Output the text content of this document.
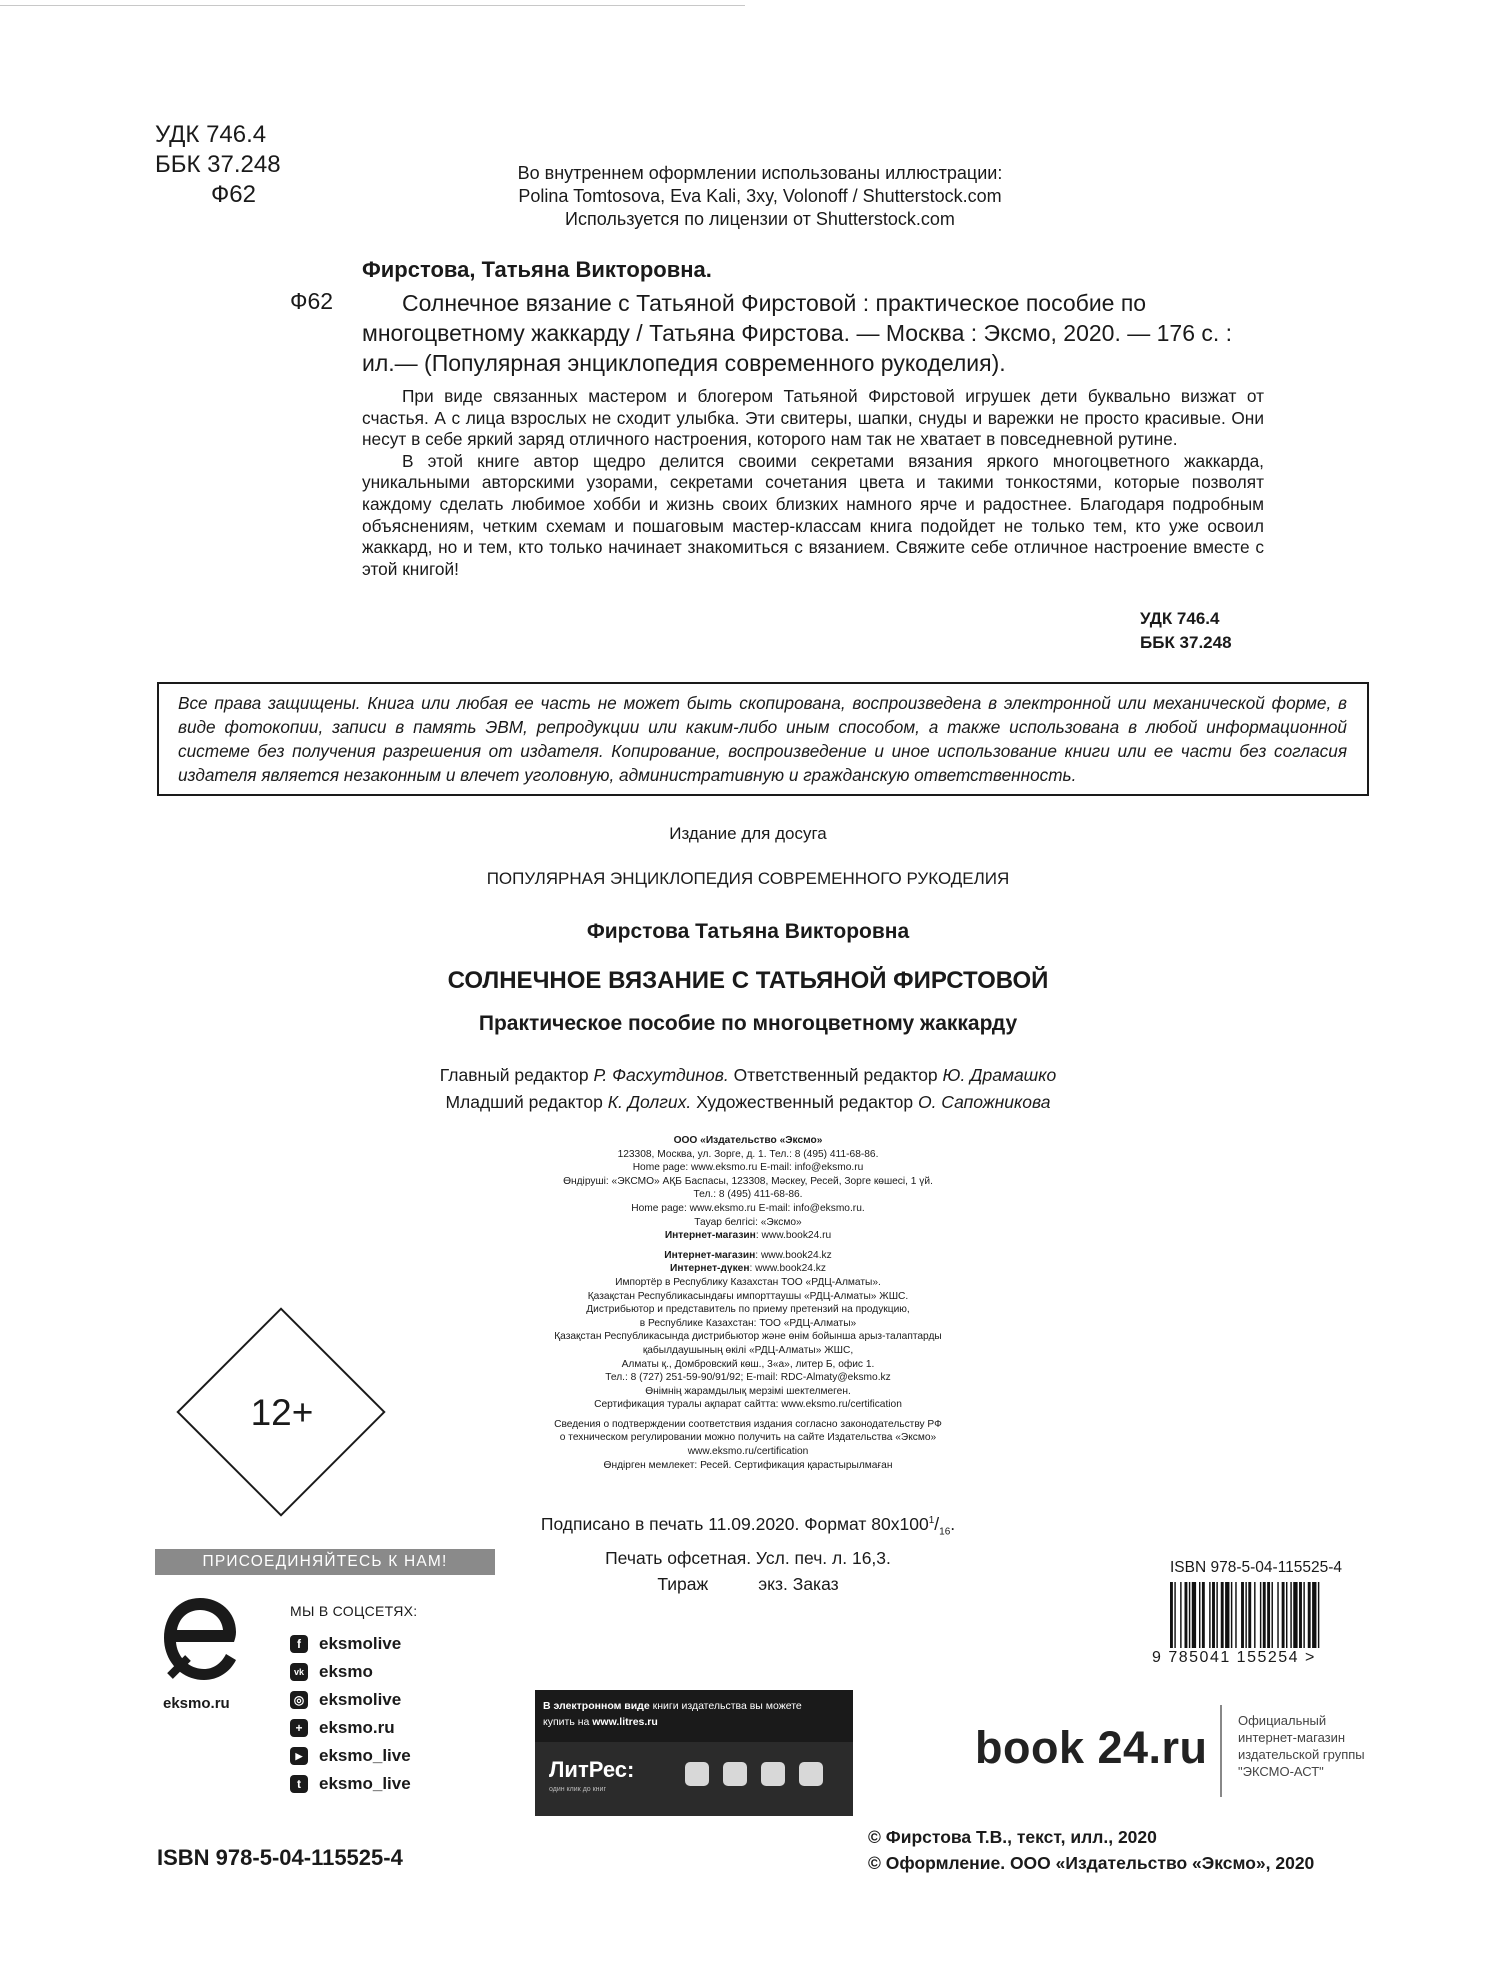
УДК 746.4
ББК 37.248
Ф62
Во внутреннем оформлении использованы иллюстрации:
Polina Tomtosova, Eva Kali, 3xy, Volonoff / Shutterstock.com
Используется по лицензии от Shutterstock.com
Фирстова, Татьяна Викторовна.
Ф62	Солнечное вязание с Татьяной Фирстовой : практическое пособие по многоцветному жаккарду / Татьяна Фирстова. — Москва : Эксмо, 2020. — 176 с. : ил.— (Популярная энциклопедия современного рукоделия).

При виде связанных мастером и блогером Татьяной Фирстовой игрушек дети буквально визжат от счастья. А с лица взрослых не сходит улыбка. Эти свитеры, шапки, снуды и варежки не просто красивые. Они несут в себе яркий заряд отличного настроения, которого нам так не хватает в повседневной рутине.

В этой книге автор щедро делится своими секретами вязания яркого многоцветного жаккарда, уникальными авторскими узорами, секретами сочетания цвета и такими тонкостями, которые позволят каждому сделать любимое хобби и жизнь своих близких намного ярче и радостнее. Благодаря подробным объяснениям, четким схемам и пошаговым мастер-классам книга подойдет не только тем, кто уже освоил жаккард, но и тем, кто только начинает знакомиться с вязанием. Свяжите себе отличное настроение вместе с этой книгой!

УДК 746.4
ББК 37.248
Все права защищены. Книга или любая ее часть не может быть скопирована, воспроизведена в электронной или механической форме, в виде фотокопии, записи в память ЭВМ, репродукции или каким-либо иным способом, а также использована в любой информационной системе без получения разрешения от издателя. Копирование, воспроизведение и иное использование книги или ее части без согласия издателя является незаконным и влечет уголовную, административную и гражданскую ответственность.
Издание для досуга
ПОПУЛЯРНАЯ ЭНЦИКЛОПЕДИЯ СОВРЕМЕННОГО РУКОДЕЛИЯ
Фирстова Татьяна Викторовна
СОЛНЕЧНОЕ ВЯЗАНИЕ С ТАТЬЯНОЙ ФИРСТОВОЙ
Практическое пособие по многоцветному жаккарду
Главный редактор Р. Фасхутдинов. Ответственный редактор Ю. Драмашко
Младший редактор К. Долгих. Художественный редактор О. Сапожникова
ООО «Издательство «Эксмо»
123308, Москва, ул. Зорге, д. 1. Тел.: 8 (495) 411-68-86.
Home page: www.eksmo.ru E-mail: info@eksmo.ru
Өндіруші: «ЭКСМО» АҚБ Баспасы, 123308, Мәскеу, Ресей, Зорге көшесі, 1 үй.
Тел.: 8 (495) 411-68-86.
Home page: www.eksmo.ru E-mail: info@eksmo.ru.
Тауар белгісі: «Эксмо»
Интернет-магазин: www.book24.ru
Интернет-магазин: www.book24.kz
Интернет-дүкен: www.book24.kz
Импортёр в Республику Казахстан ТОО «РДЦ-Алматы».
Қазақстан Республикасындағы импорттаушы «РДЦ-Алматы» ЖШС.
Дистрибьютор и представитель по приему претензий на продукцию,
в Республике Казахстан: ТОО «РДЦ-Алматы»
Қазақстан Республикасында дистрибьютор және өнім бойынша арыз-талаптарды
қабылдаушының өкілі «РДЦ-Алматы» ЖШС,
Алматы қ., Домбровский көш., 3«а», литер Б, офис 1.
Тел.: 8 (727) 251-59-90/91/92; E-mail: RDC-Almaty@eksmo.kz
Өнімнің жарамдылық мерзімі шектелмеген.
Сертификация туралы ақпарат сайтта: www.eksmo.ru/certification
Сведения о подтверждении соответствия издания согласно законодательству РФ
о техническом регулировании можно получить на сайте Издательства «Эксмо»
www.eksmo.ru/certification
Өндірген мемлекет: Ресей. Сертификация қарастырылмаған
Подписано в печать 11.09.2020. Формат $80x100^1/_{16}$.
Печать офсетная. Усл. печ. л. 16,3.
Тираж	экз. Заказ
12+
ПРИСОЕДИНЯЙТЕСЬ К НАМ!
eksmo.ru
МЫ В СОЦСЕТЯХ:
f	eksmolive
vk eksmo
◎ eksmolive
+ eksmo.ru
▶ eksmo_live
t	eksmo_live
В электронном виде книги издательства вы можете
купить на www.litres.ru
ЛитРес:
один клик до книг
book 24.ru
Официальный
интернет-магазин
издательской группы
"ЭКСМО-АСТ"
ISBN 978-5-04-115525-4
9 785041 155254 >
ISBN 978-5-04-115525-4
© Фирстова Т.В., текст, илл., 2020
© Оформление. ООО «Издательство «Эксмо», 2020
